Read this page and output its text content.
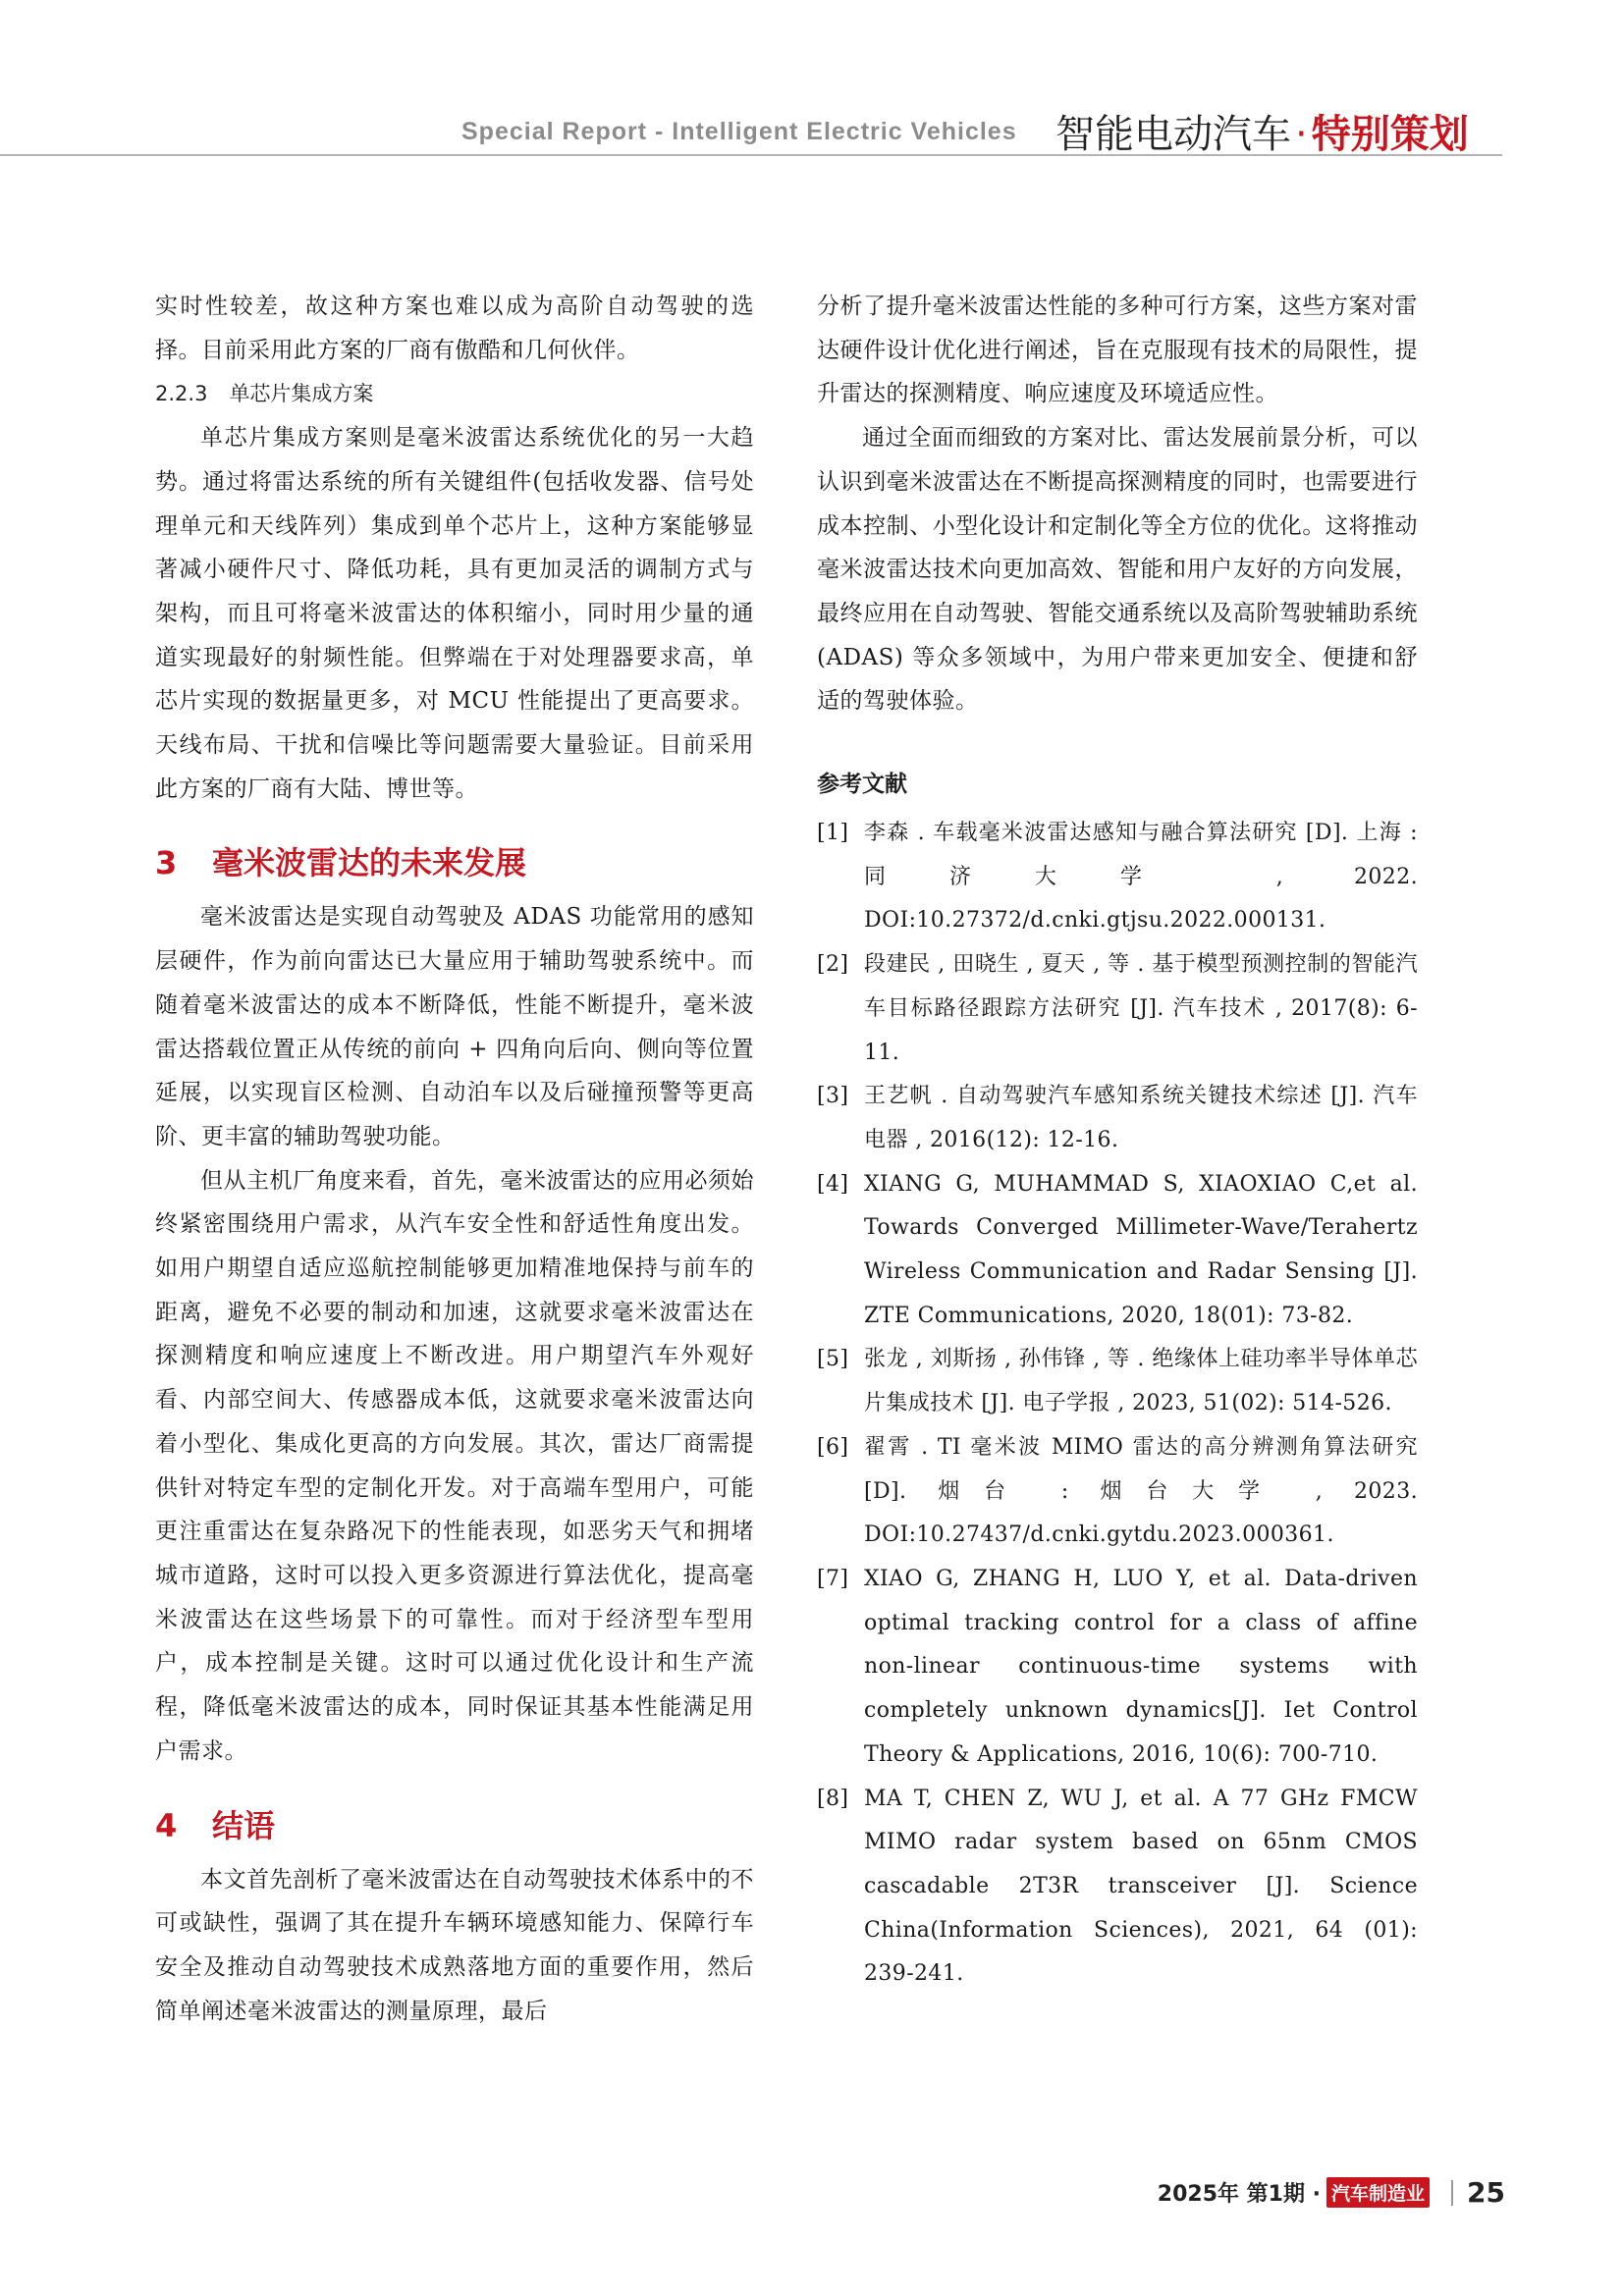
Special Report - Intelligent Electric Vehicles 智能电动汽车 · 特别策划

实时性较差，故这种方案也难以成为高阶自动驾驶的选择。目前采用此方案的厂商有傲酷和几何伙伴。

2.2.3 单芯片集成方案

单芯片集成方案则是毫米波雷达系统优化的另一大趋势。通过将雷达系统的所有关键组件(包括收发器、信号处理单元和天线阵列）集成到单个芯片上，这种方案能够显著减小硬件尺寸、降低功耗，具有更加灵活的调制方式与架构，而且可将毫米波雷达的体积缩小，同时用少量的通道实现最好的射频性能。但弊端在于对处理器要求高，单芯片实现的数据量更多，对 MCU 性能提出了更高要求。天线布局、干扰和信噪比等问题需要大量验证。目前采用此方案的厂商有大陆、博世等。

3 毫米波雷达的未来发展

毫米波雷达是实现自动驾驶及 ADAS 功能常用的感知层硬件，作为前向雷达已大量应用于辅助驾驶系统中。而随着毫米波雷达的成本不断降低，性能不断提升，毫米波雷达搭载位置正从传统的前向 + 四角向后向、侧向等位置延展，以实现盲区检测、自动泊车以及后碰撞预警等更高阶、更丰富的辅助驾驶功能。

但从主机厂角度来看，首先，毫米波雷达的应用必须始终紧密围绕用户需求，从汽车安全性和舒适性角度出发。如用户期望自适应巡航控制能够更加精准地保持与前车的距离，避免不必要的制动和加速，这就要求毫米波雷达在探测精度和响应速度上不断改进。用户期望汽车外观好看、内部空间大、传感器成本低，这就要求毫米波雷达向着小型化、集成化更高的方向发展。其次，雷达厂商需提供针对特定车型的定制化开发。对于高端车型用户，可能更注重雷达在复杂路况下的性能表现，如恶劣天气和拥堵城市道路，这时可以投入更多资源进行算法优化，提高毫米波雷达在这些场景下的可靠性。而对于经济型车型用户，成本控制是关键。这时可以通过优化设计和生产流程，降低毫米波雷达的成本，同时保证其基本性能满足用户需求。

4 结语

本文首先剖析了毫米波雷达在自动驾驶技术体系中的不可或缺性，强调了其在提升车辆环境感知能力、保障行车安全及推动自动驾驶技术成熟落地方面的重要作用，然后简单阐述毫米波雷达的测量原理，最后

分析了提升毫米波雷达性能的多种可行方案，这些方案对雷达硬件设计优化进行阐述，旨在克服现有技术的局限性，提升雷达的探测精度、响应速度及环境适应性。

通过全面而细致的方案对比、雷达发展前景分析，可以认识到毫米波雷达在不断提高探测精度的同时，也需要进行成本控制、小型化设计和定制化等全方位的优化。这将推动毫米波雷达技术向更加高效、智能和用户友好的方向发展，最终应用在自动驾驶、智能交通系统以及高阶驾驶辅助系统 (ADAS) 等众多领域中，为用户带来更加安全、便捷和舒适的驾驶体验。

参考文献
[1] 李森 . 车载毫米波雷达感知与融合算法研究 [D]. 上海 : 同济大学 , 2022. DOI:10.27372/d.cnki.gtjsu.2022.000131.
[2] 段建民 , 田晓生 , 夏天 , 等 . 基于模型预测控制的智能汽车目标路径跟踪方法研究 [J]. 汽车技术 , 2017(8): 6-11.
[3] 王艺帆 . 自动驾驶汽车感知系统关键技术综述 [J]. 汽车电器 , 2016(12): 12-16.
[4] XIANG G, MUHAMMAD S, XIAOXIAO C,et al. Towards Converged Millimeter-Wave/Terahertz Wireless Communication and Radar Sensing [J]. ZTE Communications, 2020, 18(01): 73-82.
[5] 张龙 , 刘斯扬 , 孙伟锋 , 等 . 绝缘体上硅功率半导体单芯片集成技术 [J]. 电子学报 , 2023, 51(02): 514-526.
[6] 翟霄 . TI 毫米波 MIMO 雷达的高分辨测角算法研究 [D]. 烟台 : 烟台大学 , 2023. DOI:10.27437/d.cnki.gytdu.2023.000361.
[7] XIAO G, ZHANG H, LUO Y, et al. Data-driven optimal tracking control for a class of affine non-linear continuous-time systems with completely unknown dynamics[J]. Iet Control Theory & Applications, 2016, 10(6): 700-710.
[8] MA T, CHEN Z, WU J, et al. A 77 GHz FMCW MIMO radar system based on 65nm CMOS cascadable 2T3R transceiver [J]. Science China(Information Sciences), 2021, 64 (01): 239-241.
2025年 第1期 · 汽车制造业 25
